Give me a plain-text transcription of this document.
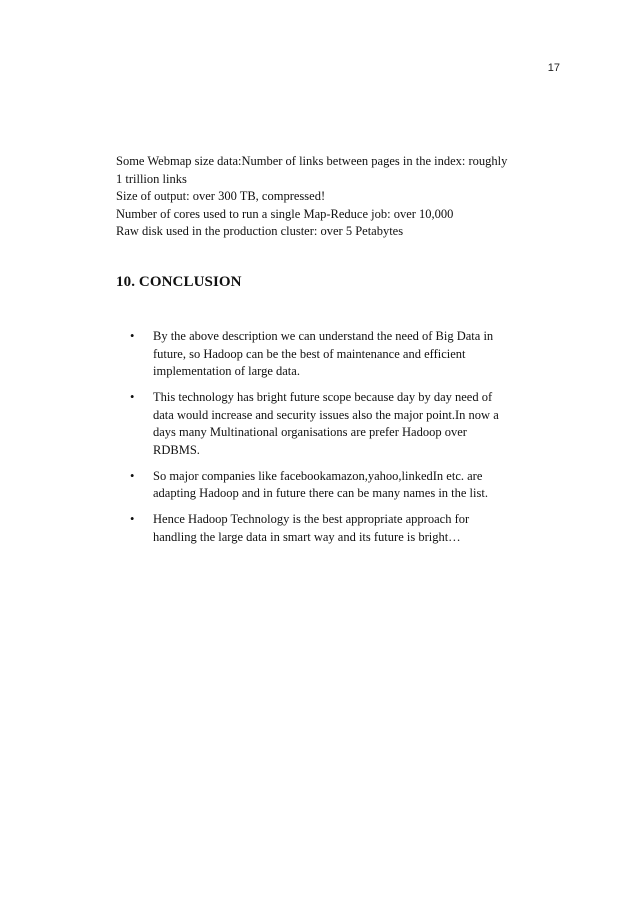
17
Some Webmap size data:Number of links between pages in the index: roughly
1 trillion links
Size of output: over 300 TB, compressed!
Number of cores used to run a single Map-Reduce job: over 10,000
Raw disk used in the production cluster: over 5 Petabytes
10. CONCLUSION
• By the above description we can understand the need of Big Data in
future, so Hadoop can be the best of maintenance and efficient
implementation of large data.
• This technology has bright future scope because day by day need of
data would increase and security issues also the major point.In now a
days many Multinational organisations are prefer Hadoop over
RDBMS.
• So major companies like facebookamazon,yahoo,linkedIn etc. are
adapting Hadoop and in future there can be many names in the list.
• Hence Hadoop Technology is the best appropriate approach for
handling the large data in smart way and its future is bright…
